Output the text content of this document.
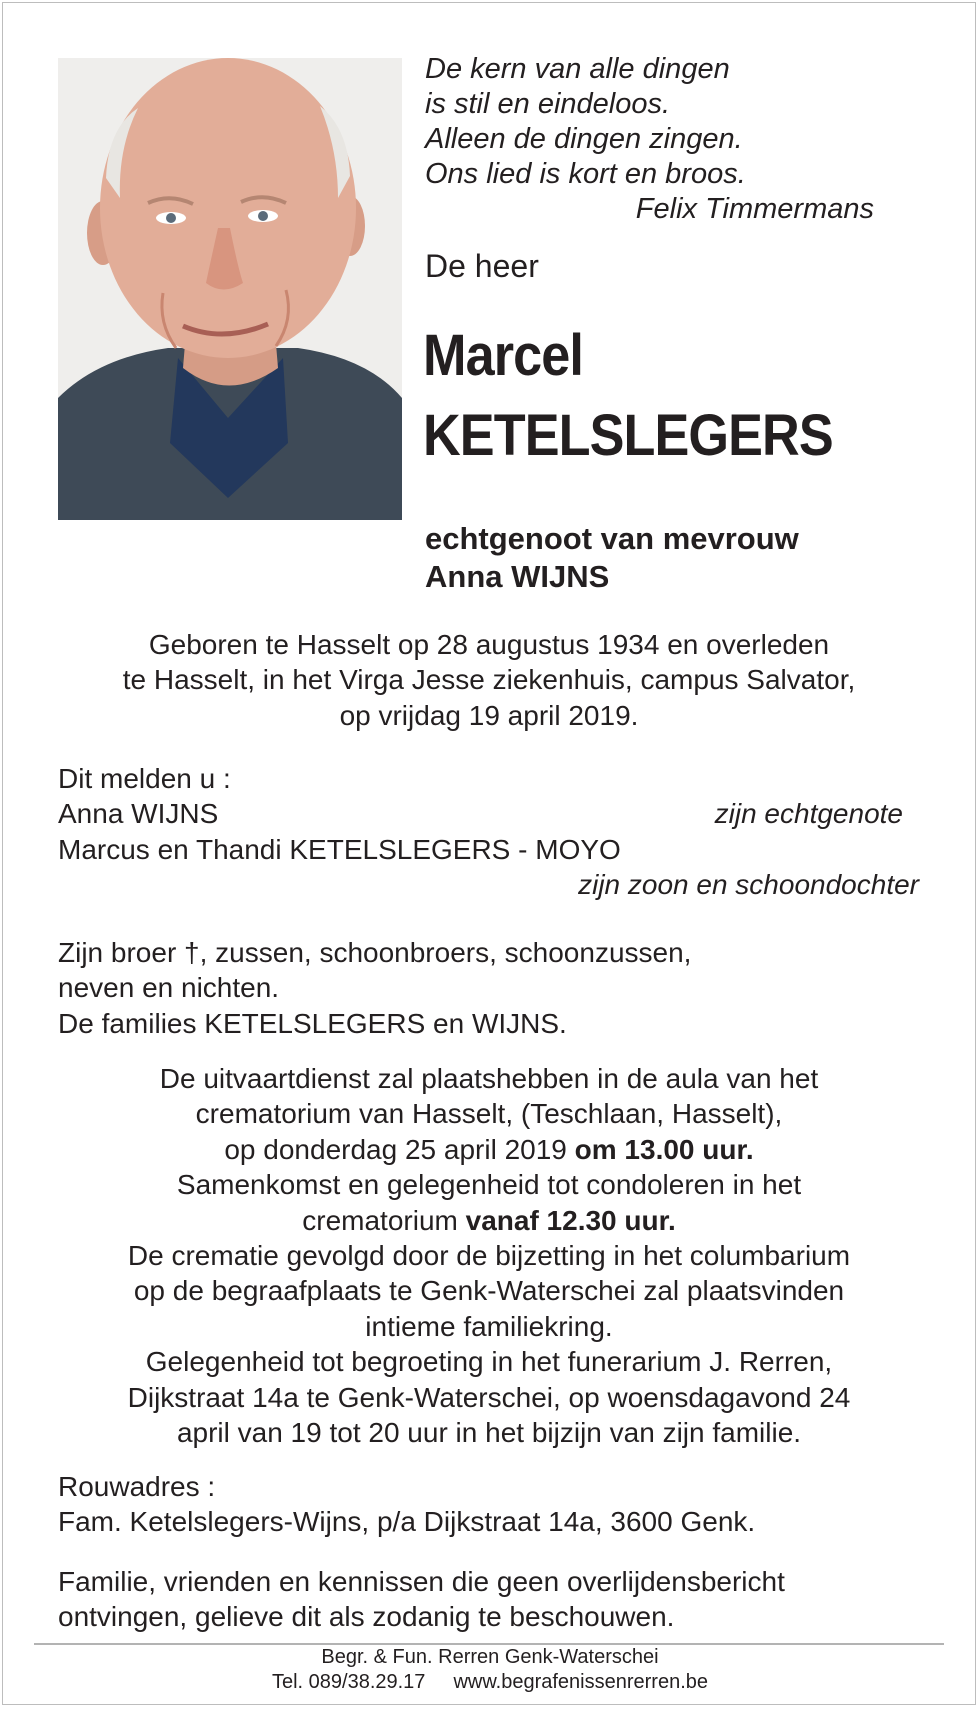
De kern van alle dingen
is stil en eindeloos.
Alleen de dingen zingen.
Ons lied is kort en broos.
Felix Timmermans
De heer
Marcel
KETELSLEGERS
echtgenoot van mevrouw
Anna WIJNS
Geboren te Hasselt op 28 augustus 1934 en overleden
te Hasselt, in het Virga Jesse ziekenhuis, campus Salvator,
op vrijdag 19 april 2019.
Dit melden u :
Anna WIJNS	zijn echtgenote
Marcus en Thandi KETELSLEGERS - MOYO
zijn zoon en schoondochter
Zijn broer †, zussen, schoonbroers, schoonzussen,
neven en nichten.
De families KETELSLEGERS en WIJNS.
De uitvaartdienst zal plaatshebben in de aula van het
crematorium van Hasselt, (Teschlaan, Hasselt),
op donderdag 25 april 2019 om 13.00 uur.
Samenkomst en gelegenheid tot condoleren in het
crematorium vanaf 12.30 uur.
De crematie gevolgd door de bijzetting in het columbarium
op de begraafplaats te Genk-Waterschei zal plaatsvinden
intieme familiekring.
Gelegenheid tot begroeting in het funerarium J. Rerren,
Dijkstraat 14a te Genk-Waterschei, op woensdagavond 24
april van 19 tot 20 uur in het bijzijn van zijn familie.
Rouwadres :
Fam. Ketelslegers-Wijns, p/a Dijkstraat 14a, 3600 Genk.
Familie, vrienden en kennissen die geen overlijdensbericht
ontvingen, gelieve dit als zodanig te beschouwen.
Begr. & Fun. Rerren Genk-Waterschei
Tel. 089/38.29.17 www.begrafenissenrerren.be
